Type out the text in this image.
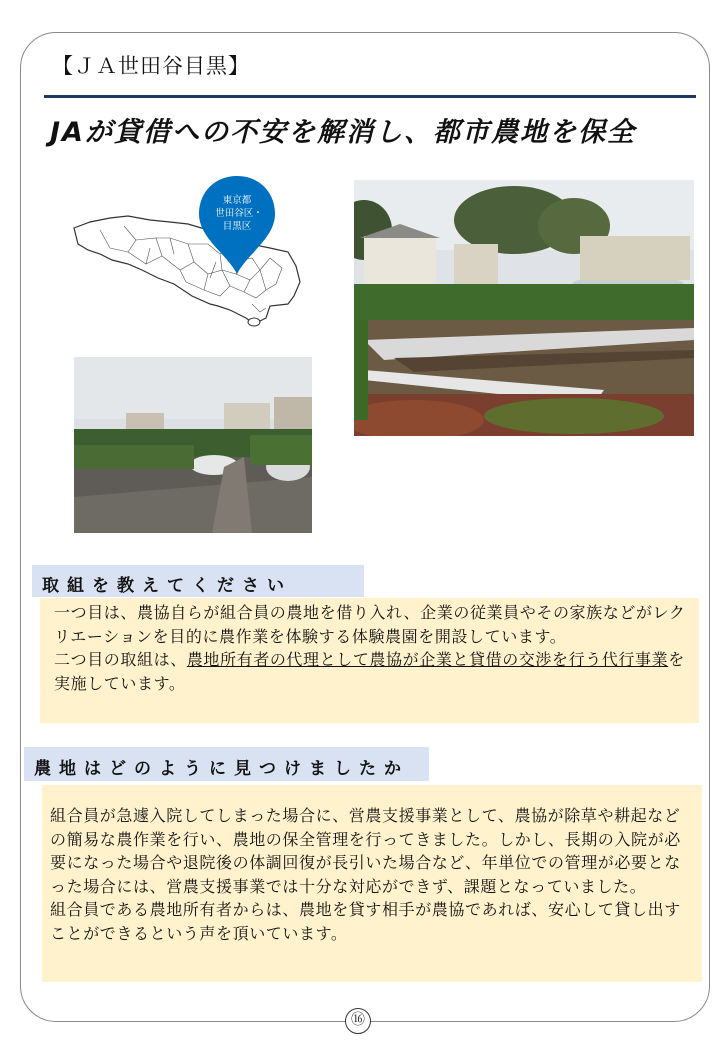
【ＪＡ世田谷目黒】
JAが貸借への不安を解消し、都市農地を保全
東京都
世田谷区・
目黒区
取組を教えてください

一つ目は、農協自らが組合員の農地を借り入れ、企業の従業員やその家族などがレクリエーションを目的に農作業を体験する体験農園を開設しています。

二つ目の取組は、農地所有者の代理として農協が企業と貸借の交渉を行う代行事業を実施しています。

農地はどのように見つけましたか

組合員が急遽入院してしまった場合に、営農支援事業として、農協が除草や耕起などの簡易な農作業を行い、農地の保全管理を行ってきました。しかし、長期の入院が必要になった場合や退院後の体調回復が長引いた場合など、年単位での管理が必要となった場合には、営農支援事業では十分な対応ができず、課題となっていました。

組合員である農地所有者からは、農地を貸す相手が農協であれば、安心して貸し出すことができるという声を頂いています。

⑯
